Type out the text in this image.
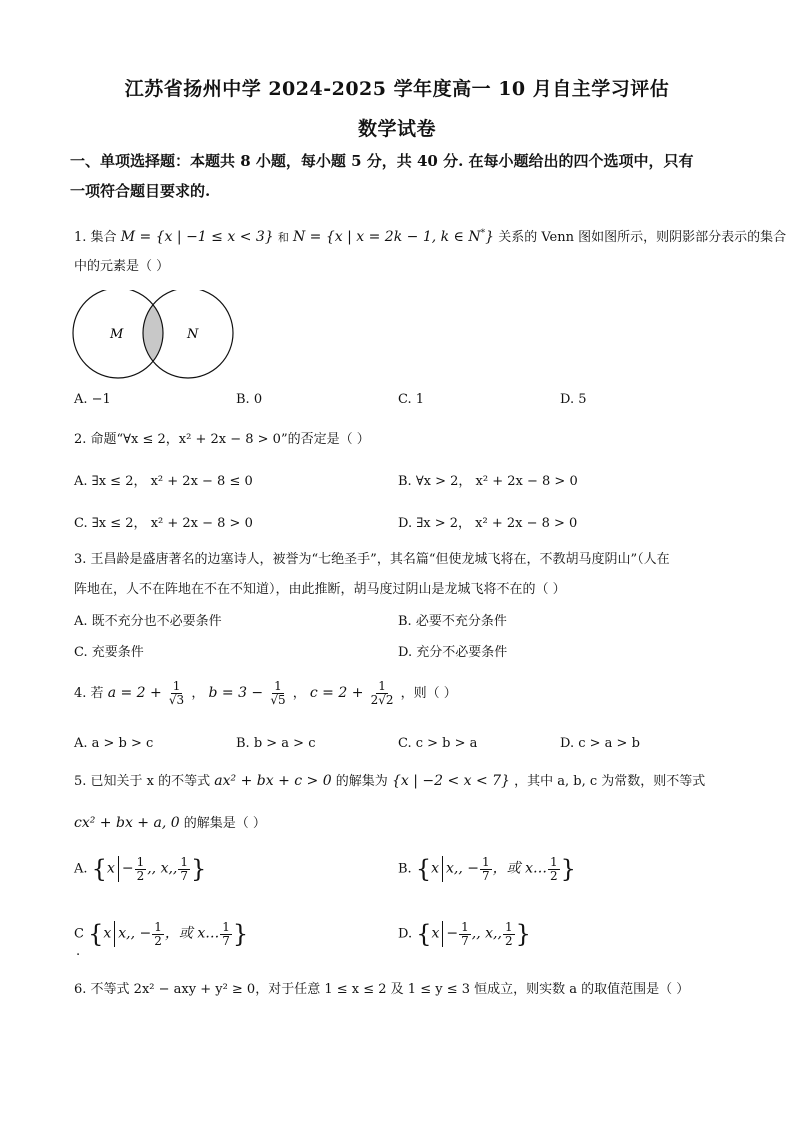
江苏省扬州中学 2024-2025 学年度高一 10 月自主学习评估
数学试卷
一、单项选择题：本题共 8 小题，每小题 5 分，共 40 分. 在每小题给出的四个选项中，只有
一项符合题目要求的.
1. 集合 M = {x | −1 ≤ x < 3} 和 N = {x | x = 2k − 1, k ∈ N*} 关系的 Venn 图如图所示，则阴影部分表示的集合
中的元素是（ ）
M	N
A. −1	B. 0	C. 1	D. 5
2. 命题“∀x ≤ 2，x² + 2x − 8 > 0”的否定是（ ）
A. ∃x ≤ 2， x² + 2x − 8 ≤ 0	B. ∀x > 2， x² + 2x − 8 > 0
C. ∃x ≤ 2， x² + 2x − 8 > 0	D. ∃x > 2， x² + 2x − 8 > 0
3. 王昌龄是盛唐著名的边塞诗人，被誉为“七绝圣手”，其名篇“但使龙城飞将在，不教胡马度阴山”（人在
阵地在，人不在阵地在不在不知道），由此推断，胡马度过阴山是龙城飞将不在的（ ）
A. 既不充分也不必要条件	B. 必要不充分条件
C. 充要条件	D. 充分不必要条件
4. 若 $a = 2 + \frac{1}{√3}$ ， $b = 3 - \frac{1}{√5}$ ， $c = 2 + \frac{1}{2√2}$ ，则（ ）
A. a > b > c	B. b > a > c	C. c > b > a	D. c > a > b
5. 已知关于 x 的不等式 ax² + bx + c > 0 的解集为 {x | −2 < x < 7} ，其中 a, b, c 为常数，则不等式
cx² + bx + a, 0 的解集是（ ）
A. {$x - \frac{1}{2}$ ,, x,, $\frac{1}{7}$ }	B. {x x,, − $\frac{1}{7}$ ，或 x… $\frac{1}{2}$ }
C {x x,, − $\frac{1}{2}$ ，或 x… $\frac{1}{7}$ }
.
D. {$x - \frac{1}{7}$ ,, x,, $\frac{1}{2}$ }
6. 不等式 2x² − axy + y² ≥ 0，对于任意 1 ≤ x ≤ 2 及 1 ≤ y ≤ 3 恒成立，则实数 a 的取值范围是（ ）
